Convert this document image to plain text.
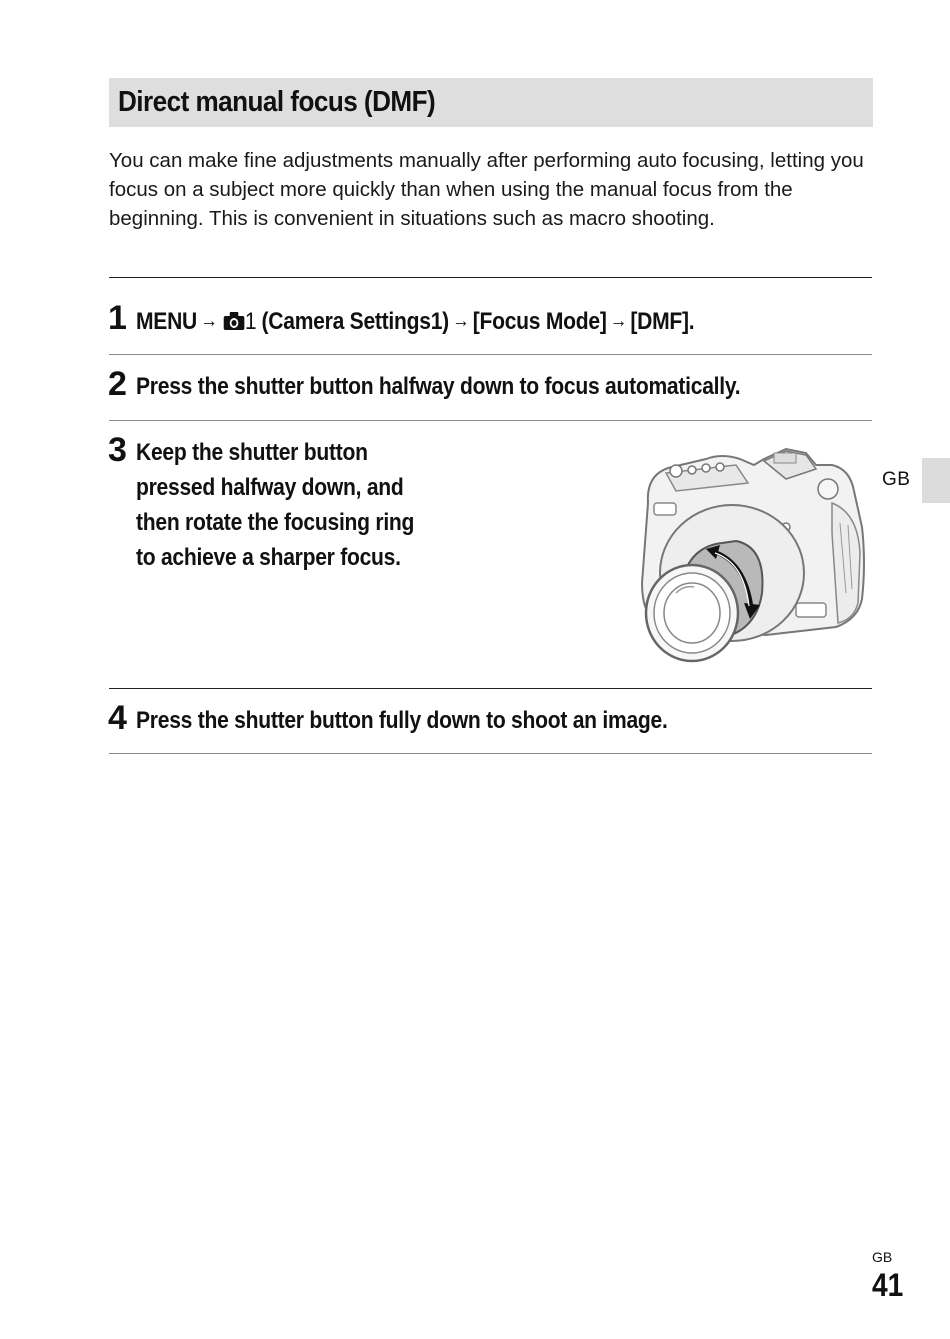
Direct manual focus (DMF)

You can make fine adjustments manually after performing auto focusing, letting you focus on a subject more quickly than when using the manual focus from the beginning. This is convenient in situations such as macro shooting.

1 MENU → 1 (Camera Settings1) → [Focus Mode] → [DMF].
2 Press the shutter button halfway down to focus automatically.
3 Keep the shutter button
pressed halfway down, and
then rotate the focusing ring
to achieve a sharper focus.
4 Press the shutter button fully down to shoot an image.
GB
GB
41
